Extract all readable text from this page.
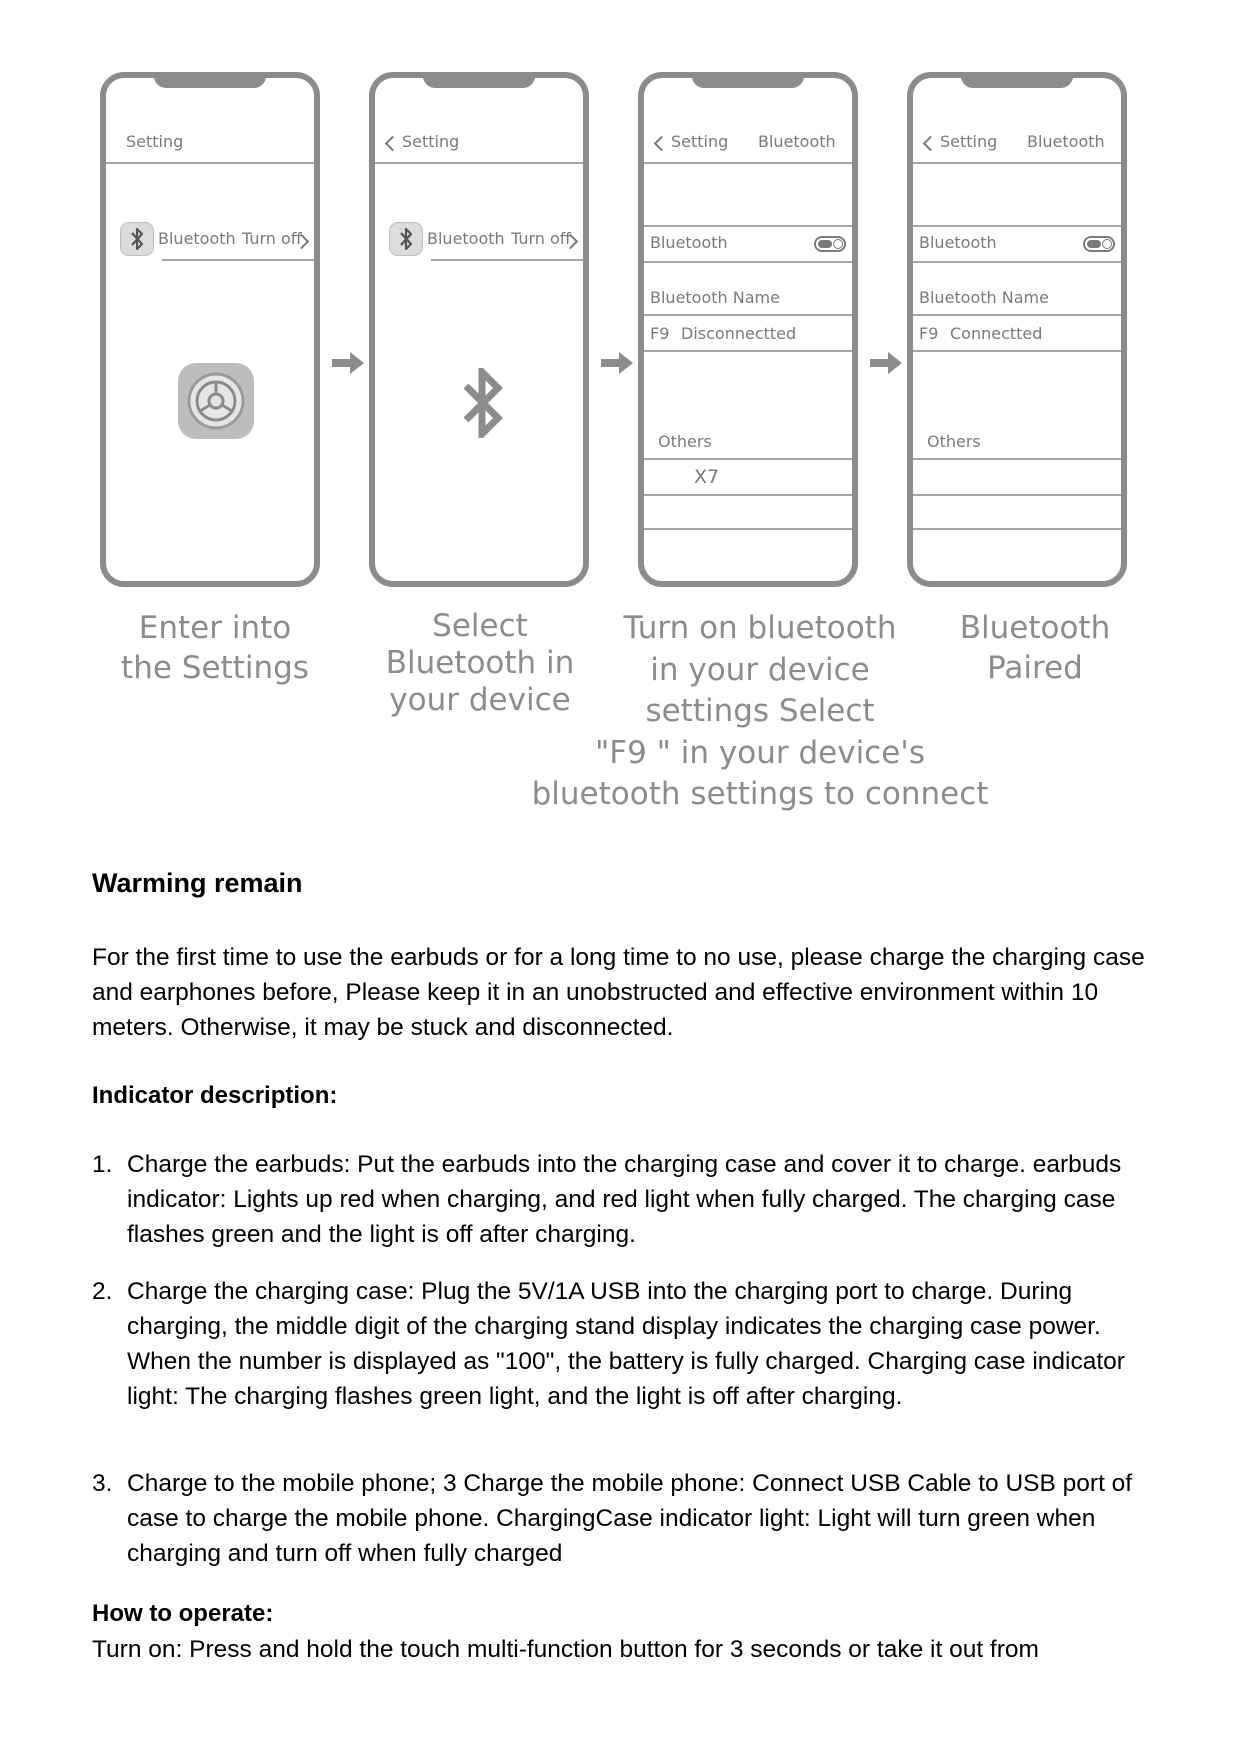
Setting
Bluetooth Turn off
Setting
Bluetooth Turn off
Setting Bluetooth
Bluetooth
Bluetooth Name
F9 Disconnectted
Others
X7
Setting Bluetooth
Bluetooth
Bluetooth Name
F9 Connectted
Others
Enter into
the Settings
Select
Bluetooth in
your device
Turn on bluetooth
in your device
settings Select
"F9 " in your device's
bluetooth settings to connect
Bluetooth
Paired
Warming remain

For the first time to use the earbuds or for a long time to no use, please charge the charging case and earphones before, Please keep it in an unobstructed and effective environment within 10 meters. Otherwise, it may be stuck and disconnected.

Indicator description:
1. Charge the earbuds: Put the earbuds into the charging case and cover it to charge. earbuds indicator: Lights up red when charging, and red light when fully charged. The charging case flashes green and the light is off after charging.
2. Charge the charging case: Plug the 5V/1A USB into the charging port to charge. During charging, the middle digit of the charging stand display indicates the charging case power. When the number is displayed as "100", the battery is fully charged. Charging case indicator light: The charging flashes green light, and the light is off after charging.
3. Charge to the mobile phone; 3 Charge the mobile phone: Connect USB Cable to USB port of case to charge the mobile phone. ChargingCase indicator light: Light will turn green when charging and turn off when fully charged
How to operate:

Turn on: Press and hold the touch multi-function button for 3 seconds or take it out from
